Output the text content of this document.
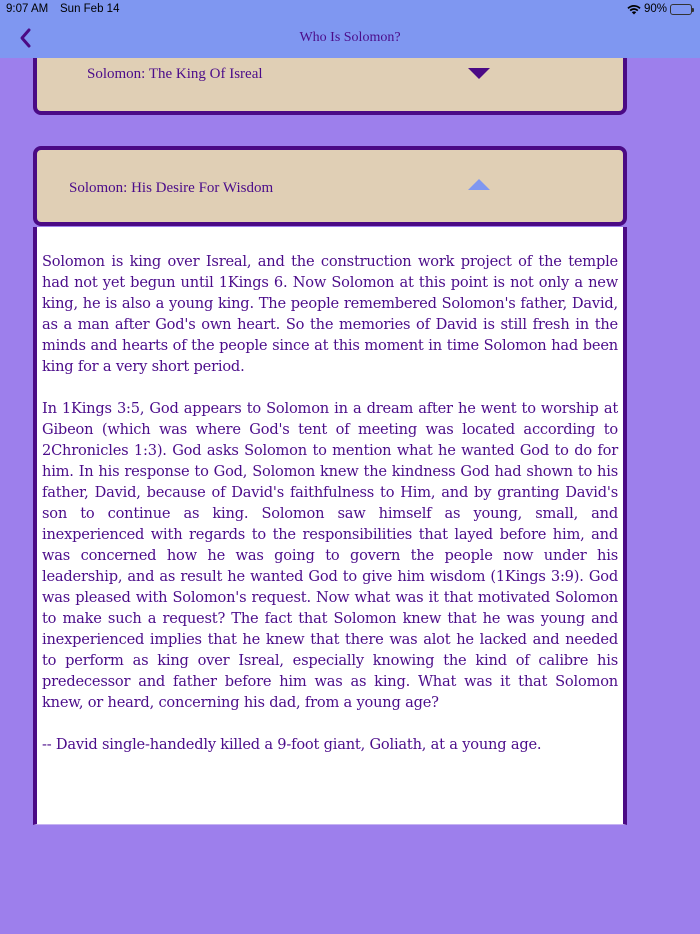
Solomon: The King Of Isreal
9:07 AM Sun Feb 14	90%
Who Is Solomon?
Solomon: His Desire For Wisdom

Solomon is king over Isreal, and the construction work project of the temple had not yet begun until 1Kings 6. Now Solomon at this point is not only a new king, he is also a young king. The people remembered Solomon's father, David, as a man after God's own heart. So the memories of David is still fresh in the minds and hearts of the people since at this moment in time Solomon had been king for a very short period.

In 1Kings 3:5, God appears to Solomon in a dream after he went to worship at Gibeon (which was where God's tent of meeting was located according to 2Chronicles 1:3). God asks Solomon to mention what he wanted God to do for him. In his response to God, Solomon knew the kindness God had shown to his father, David, because of David's faithfulness to Him, and by granting David's son to continue as king. Solomon saw himself as young, small, and inexperienced with regards to the responsibilities that layed before him, and was concerned how he was going to govern the people now under his leadership, and as result he wanted God to give him wisdom (1Kings 3:9). God was pleased with Solomon's request. Now what was it that motivated Solomon to make such a request? The fact that Solomon knew that he was young and inexperienced implies that he knew that there was alot he lacked and needed to perform as king over Isreal, especially knowing the kind of calibre his predecessor and father before him was as king. What was it that Solomon knew, or heard, concerning his dad, from a young age?

-- David single-handedly killed a 9-foot giant, Goliath, at a young age.
